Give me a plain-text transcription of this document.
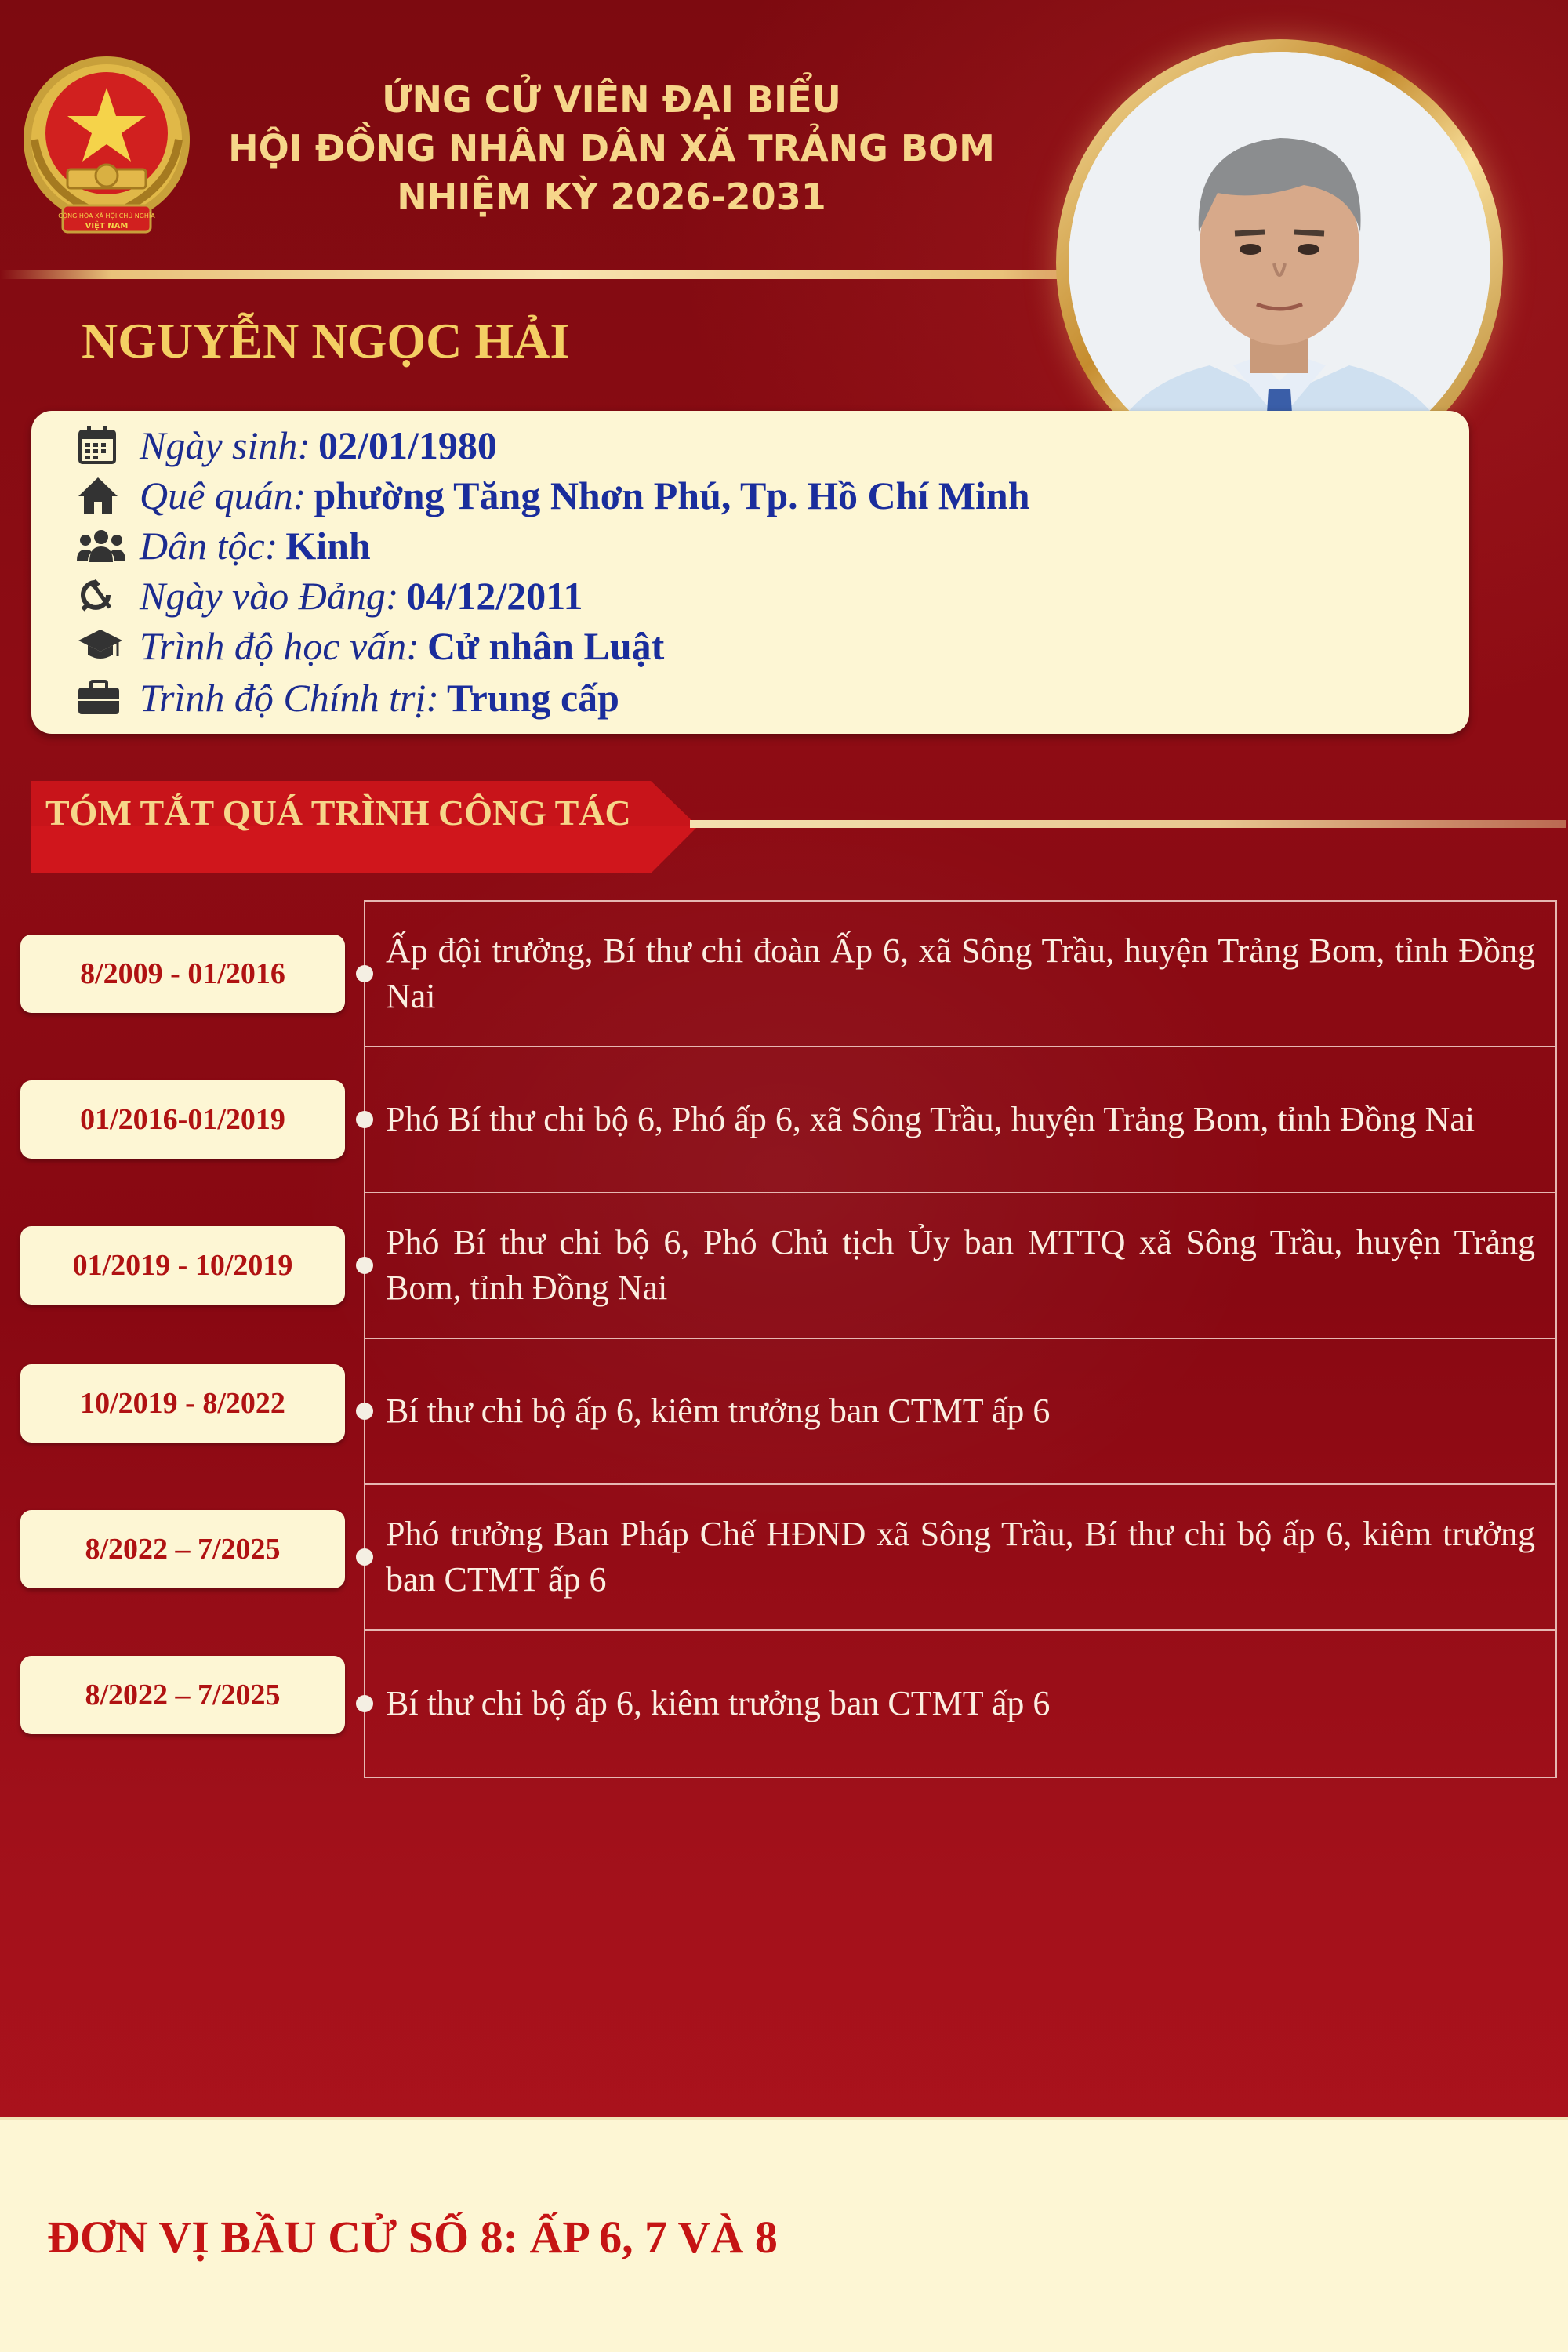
CỘNG HÒA XÃ HỘI CHỦ NGHĨA
VIỆT NAM
ỨNG CỬ VIÊN ĐẠI BIỂU
HỘI ĐỒNG NHÂN DÂN XÃ TRẢNG BOM
NHIỆM KỲ 2026-2031
NGUYỄN NGỌC HẢI
Ngày sinh: 02/01/1980
Quê quán: phường Tăng Nhơn Phú, Tp. Hồ Chí Minh
Dân tộc: Kinh
Ngày vào Đảng: 04/12/2011
Trình độ học vấn: Cử nhân Luật
Trình độ Chính trị: Trung cấp
TÓM TẮT QUÁ TRÌNH CÔNG TÁC
8/2009 - 01/2016
01/2016-01/2019
01/2019 - 10/2019
10/2019 - 8/2022
8/2022 – 7/2025
8/2022 – 7/2025
Ấp đội trưởng, Bí thư chi đoàn Ấp 6, xã Sông Trầu, huyện Trảng Bom, tỉnh Đồng Nai
Phó Bí thư chi bộ 6, Phó ấp 6, xã Sông Trầu, huyện Trảng Bom, tỉnh Đồng Nai
Phó Bí thư chi bộ 6, Phó Chủ tịch Ủy ban MTTQ xã Sông Trầu, huyện Trảng Bom, tỉnh Đồng Nai
Bí thư chi bộ ấp 6, kiêm trưởng ban CTMT ấp 6
Phó trưởng Ban Pháp Chế HĐND xã Sông Trầu, Bí thư chi bộ ấp 6, kiêm trưởng ban CTMT ấp 6
Bí thư chi bộ ấp 6, kiêm trưởng ban CTMT ấp 6
ĐƠN VỊ BẦU CỬ SỐ 8: ẤP 6, 7 VÀ 8
